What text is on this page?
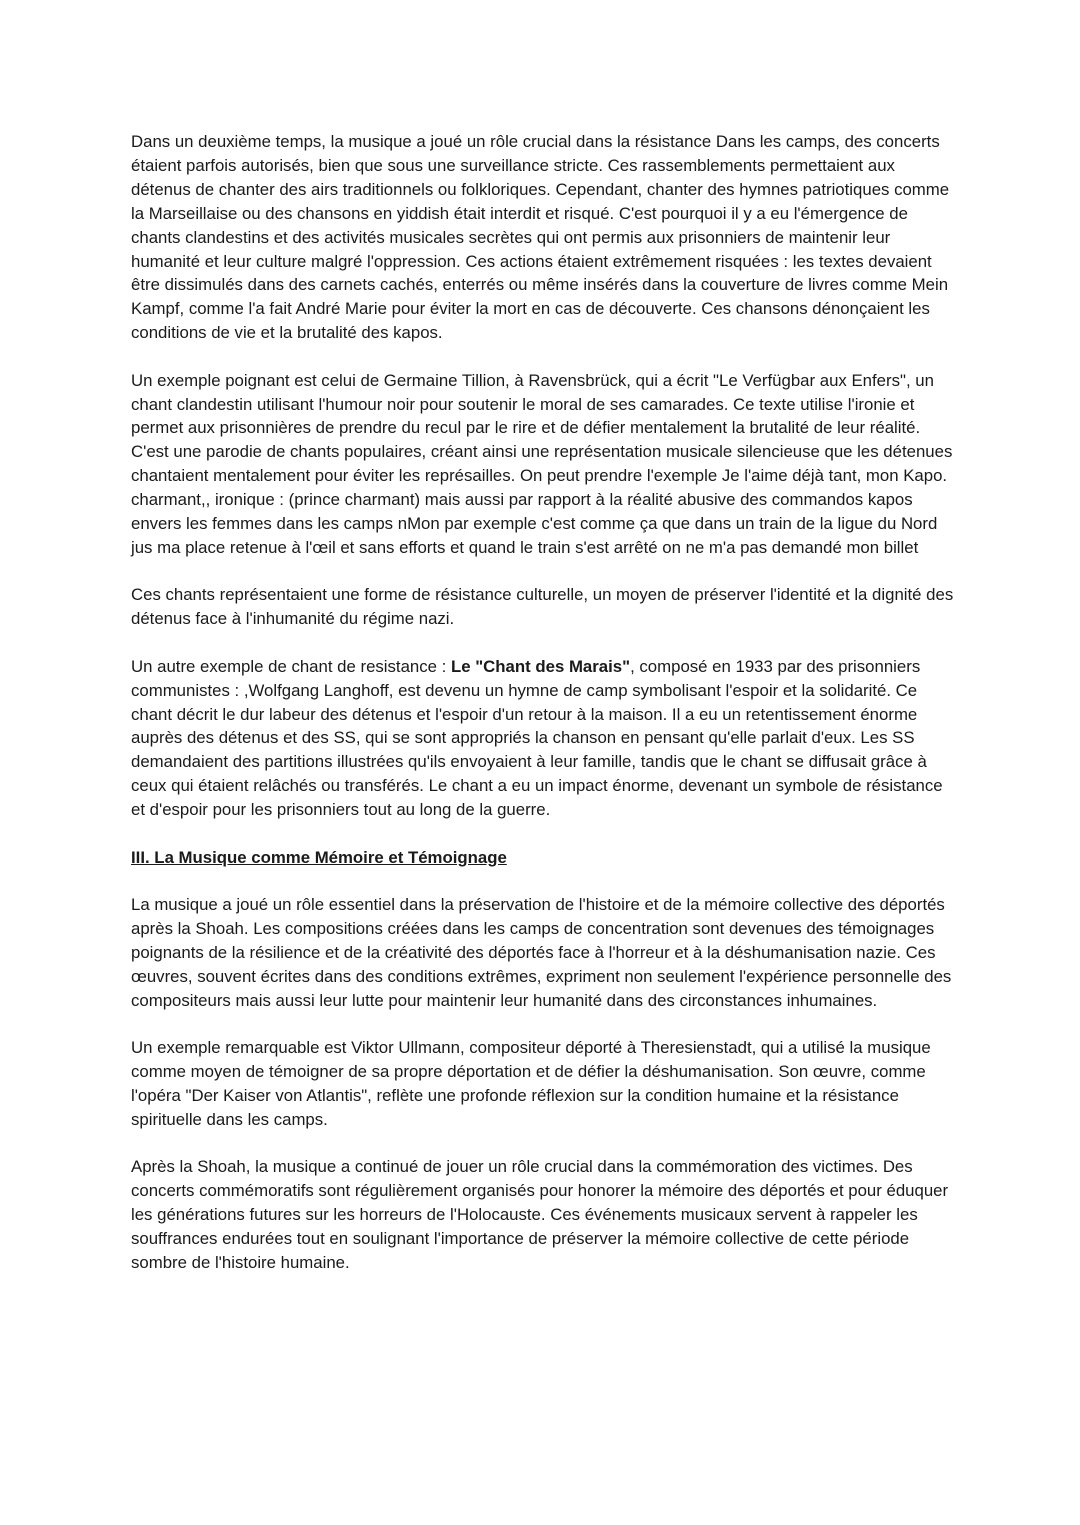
Dans un deuxième temps, la musique a joué un rôle crucial dans la résistance Dans les camps, des concerts étaient parfois autorisés, bien que sous une surveillance stricte. Ces rassemblements permettaient aux détenus de chanter des airs traditionnels ou folkloriques. Cependant, chanter des hymnes patriotiques comme la Marseillaise ou des chansons en yiddish était interdit et risqué. C'est pourquoi il y a eu l'émergence de chants clandestins et des activités musicales secrètes qui ont permis aux prisonniers de maintenir leur humanité et leur culture malgré l'oppression. Ces actions étaient extrêmement risquées : les textes devaient être dissimulés dans des carnets cachés, enterrés ou même insérés dans la couverture de livres comme Mein Kampf, comme l'a fait André Marie pour éviter la mort en cas de découverte. Ces chansons dénonçaient les conditions de vie et la brutalité des kapos.

Un exemple poignant est celui de Germaine Tillion, à Ravensbrück, qui a écrit "Le Verfügbar aux Enfers", un chant clandestin utilisant l'humour noir pour soutenir le moral de ses camarades. Ce texte utilise l'ironie et permet aux prisonnières de prendre du recul par le rire et de défier mentalement la brutalité de leur réalité. C'est une parodie de chants populaires, créant ainsi une représentation musicale silencieuse que les détenues chantaient mentalement pour éviter les représailles. On peut prendre l'exemple Je l'aime déjà tant, mon Kapo. charmant,, ironique : (prince charmant) mais aussi par rapport à la réalité abusive des commandos kapos envers les femmes dans les camps nMon par exemple c'est comme ça que dans un train de la ligue du Nord jus ma place retenue à l'œil et sans efforts et quand le train s'est arrêté on ne m'a pas demandé mon billet

Ces chants représentaient une forme de résistance culturelle, un moyen de préserver l'identité et la dignité des détenus face à l'inhumanité du régime nazi.

Un autre exemple de chant de resistance : Le "Chant des Marais", composé en 1933 par des prisonniers communistes : ,Wolfgang Langhoff, est devenu un hymne de camp symbolisant l'espoir et la solidarité. Ce chant décrit le dur labeur des détenus et l'espoir d'un retour à la maison. Il a eu un retentissement énorme auprès des détenus et des SS, qui se sont appropriés la chanson en pensant qu'elle parlait d'eux. Les SS demandaient des partitions illustrées qu'ils envoyaient à leur famille, tandis que le chant se diffusait grâce à ceux qui étaient relâchés ou transférés. Le chant a eu un impact énorme, devenant un symbole de résistance et d'espoir pour les prisonniers tout au long de la guerre.

III. La Musique comme Mémoire et Témoignage

La musique a joué un rôle essentiel dans la préservation de l'histoire et de la mémoire collective des déportés après la Shoah. Les compositions créées dans les camps de concentration sont devenues des témoignages poignants de la résilience et de la créativité des déportés face à l'horreur et à la déshumanisation nazie. Ces œuvres, souvent écrites dans des conditions extrêmes, expriment non seulement l'expérience personnelle des compositeurs mais aussi leur lutte pour maintenir leur humanité dans des circonstances inhumaines.

Un exemple remarquable est Viktor Ullmann, compositeur déporté à Theresienstadt, qui a utilisé la musique comme moyen de témoigner de sa propre déportation et de défier la déshumanisation. Son œuvre, comme l'opéra "Der Kaiser von Atlantis", reflète une profonde réflexion sur la condition humaine et la résistance spirituelle dans les camps.

Après la Shoah, la musique a continué de jouer un rôle crucial dans la commémoration des victimes. Des concerts commémoratifs sont régulièrement organisés pour honorer la mémoire des déportés et pour éduquer les générations futures sur les horreurs de l'Holocauste. Ces événements musicaux servent à rappeler les souffrances endurées tout en soulignant l'importance de préserver la mémoire collective de cette période sombre de l'histoire humaine.
